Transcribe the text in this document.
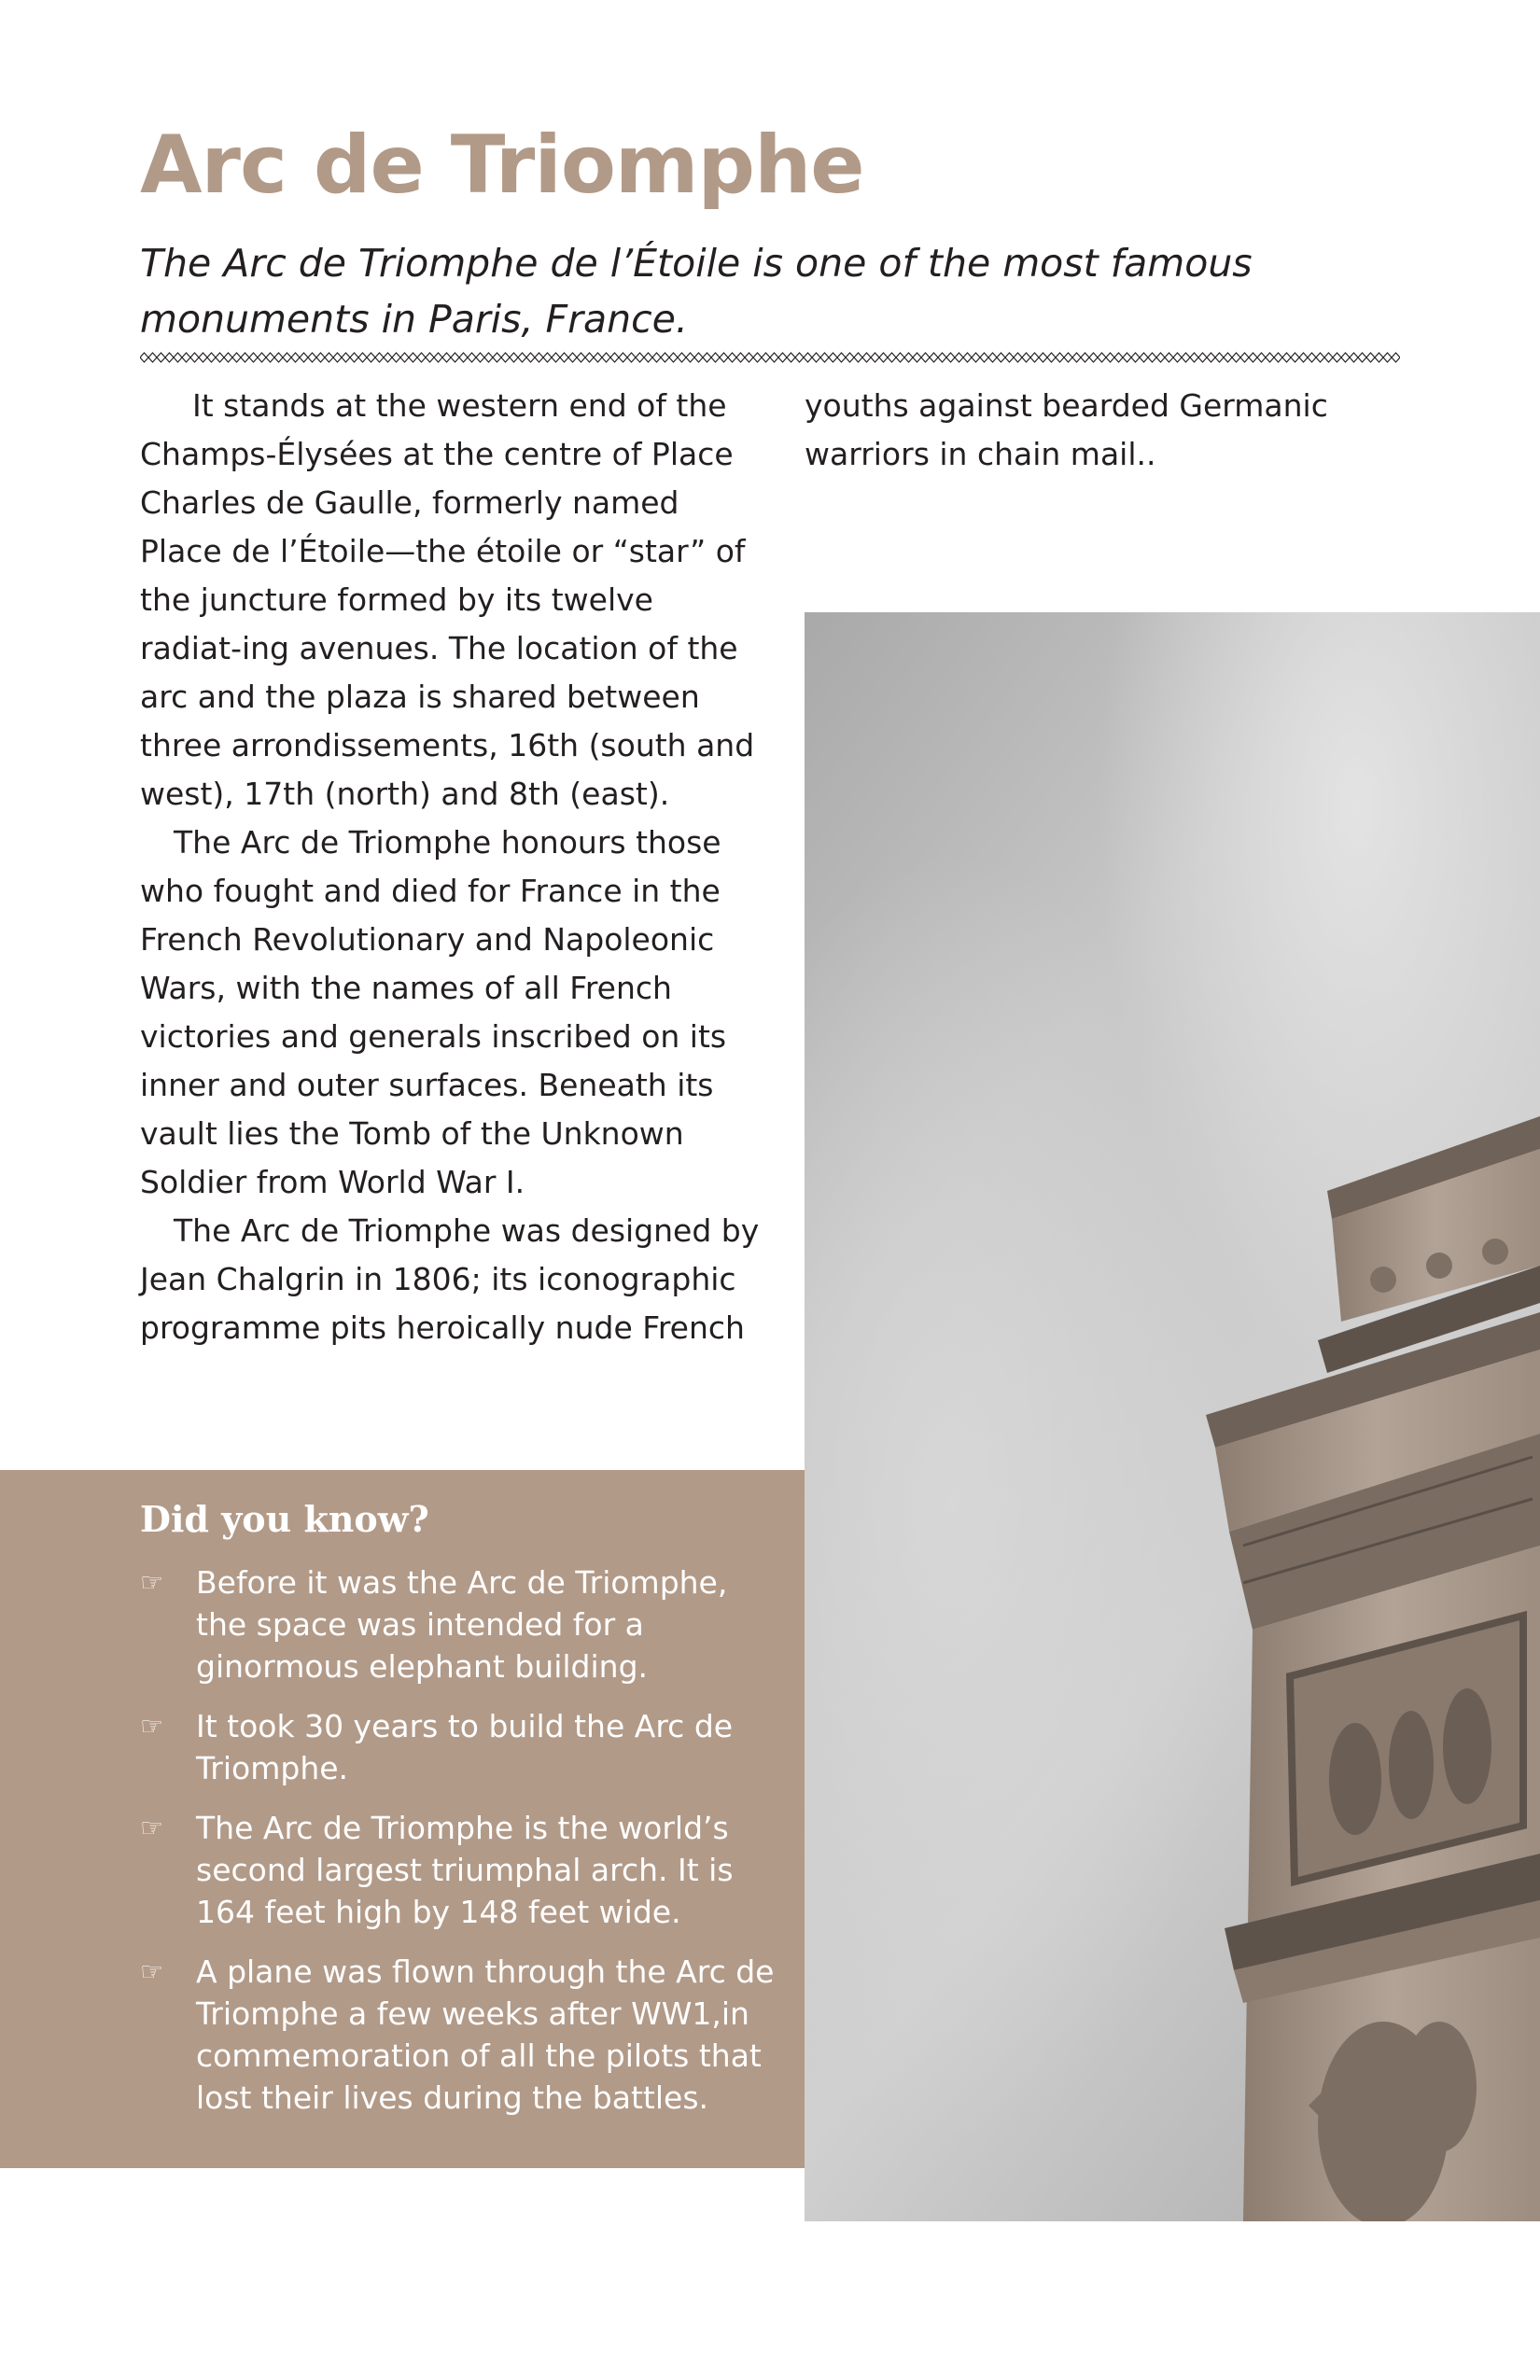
Arc de Triomphe

The Arc de Triomphe de l’Étoile is one of the most famous monuments in Paris, France.

It stands at the western end of the Champs-Élysées at the centre of Place Charles de Gaulle, formerly named Place de l’Étoile—the étoile or “star” of the juncture formed by its twelve radiat-ing avenues. The location of the arc and the plaza is shared between three arrondissements, 16th (south and west), 17th (north) and 8th (east).

The Arc de Triomphe honours those who fought and died for France in the French Revolutionary and Napoleonic Wars, with the names of all French victories and generals inscribed on its inner and outer surfaces. Beneath its vault lies the Tomb of the Unknown Soldier from World War I.

The Arc de Triomphe was designed by Jean Chalgrin in 1806; its iconographic programme pits heroically nude French

youths against bearded Germanic warriors in chain mail..

Did you know?
☞	Before it was the Arc de Triomphe, the space was intended for a ginormous elephant building.
☞	It took 30 years to build the Arc de Triomphe.
☞	The Arc de Triomphe is the world’s second largest triumphal arch. It is 164 feet high by 148 feet wide.
☞	A plane was flown through the Arc de Triomphe a few weeks after WW1,in commemoration of all the pilots that lost their lives during the battles.
